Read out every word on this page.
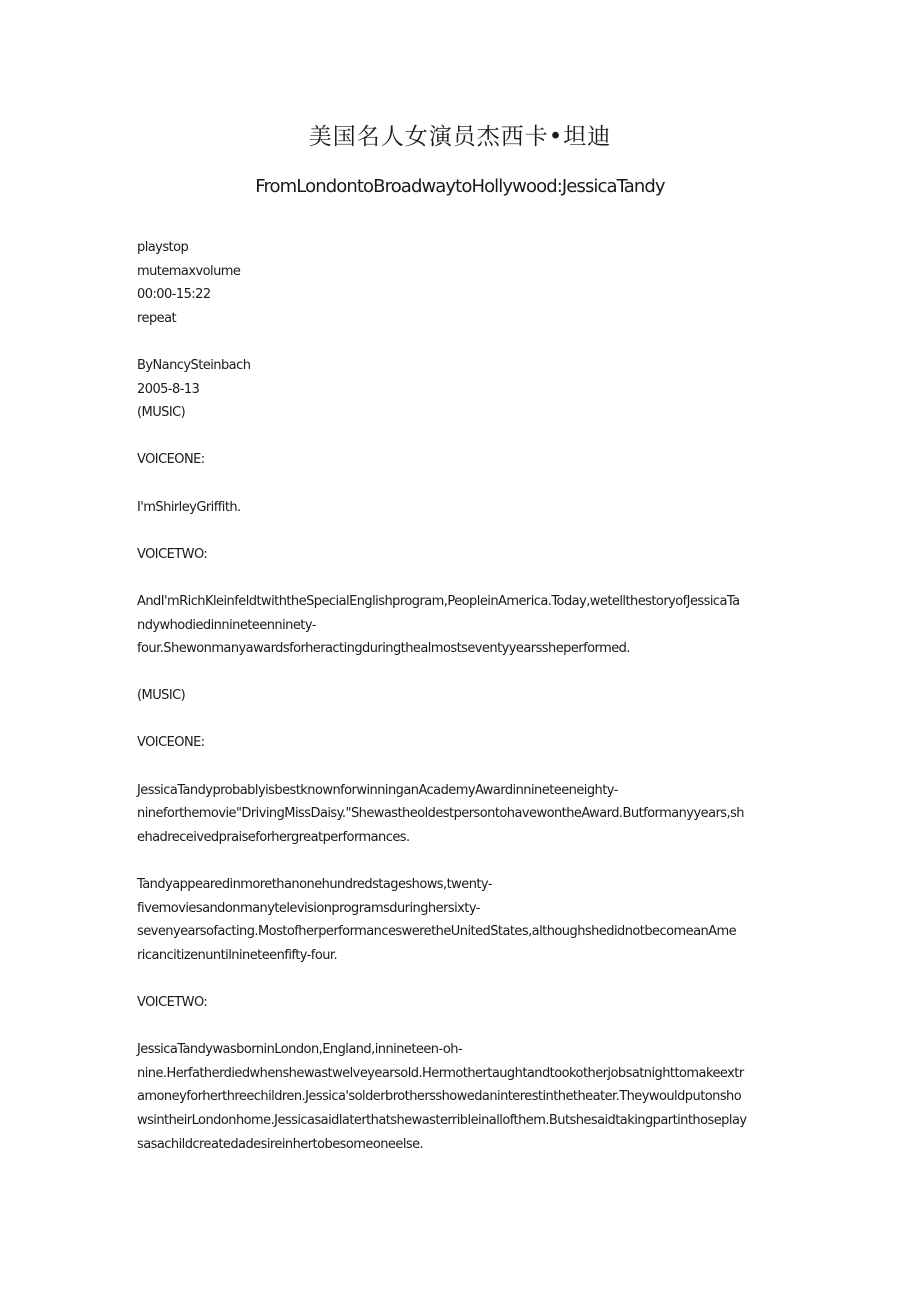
美国名人女演员杰西卡•坦迪
FromLondontoBroadwaytoHollywood:JessicaTandy
playstop
mutemaxvolume
00:00-15:22
repeat
ByNancySteinbach
2005-8-13
(MUSIC)
VOICEONE:
I'mShirleyGriffith.
VOICETWO:
AndI'mRichKleinfeldtwiththeSpecialEnglishprogram,PeopleinAmerica.Today,wetellthestoryofJessicaTa
ndywhodiedinnineteenninety-
four.Shewonmanyawardsforheractingduringthealmostseventyyearssheperformed.
(MUSIC)
VOICEONE:
JessicaTandyprobablyisbestknownforwinninganAcademyAwardinnineteeneighty-
ninefor​themovie"DrivingMissDaisy."ShewastheoldestpersontohavewontheAward.Butformanyyears,sh
ehadreceivedpraiseforhergreatperformances.
Tandyappearedinmorethanonehundredstageshows,twenty-
fivemoviesandonmanytelevisionprogramsduringhersixty-
sevenyearsofacting.MostofherperformancesweretheUnitedStates,althoughshedidnotbecomeanAme
ricancitizenuntilnineteenfifty-four.
VOICETWO:
JessicaTandywasborninLondon,England,innineteen-oh-
nine.Herfatherdiedwhenshewastwelveyearsold.Hermothertaughtandtookotherjobsatnighttomakeextr
amoneyforherthreechildren.Jessica'solderbrothersshowedaninterestinthetheater.Theywouldputonsho
wsintheirLondonhome.Jessicasaidlaterthatshewasterribleinallofthem.Butshesaidtakingpartinthosepla​y
sasachildcreatedadesireinhertobesomeoneelse.
